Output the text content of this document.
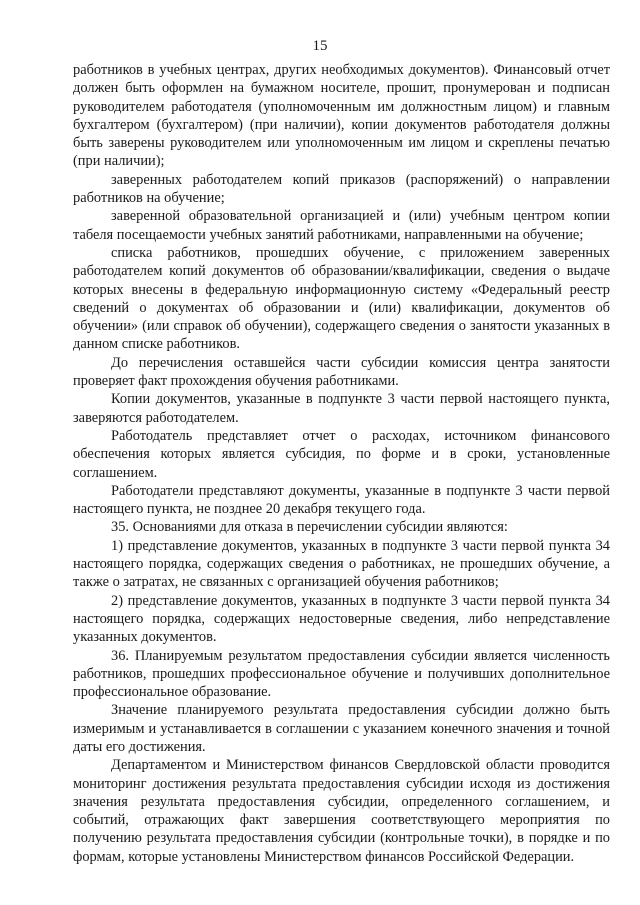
15

работников в учебных центрах, других необходимых документов). Финансовый отчет должен быть оформлен на бумажном носителе, прошит, пронумерован и подписан руководителем работодателя (уполномоченным им должностным лицом) и главным бухгалтером (бухгалтером) (при наличии), копии документов работодателя должны быть заверены руководителем или уполномоченным им лицом и скреплены печатью (при наличии);

заверенных работодателем копий приказов (распоряжений) о направлении работников на обучение;

заверенной образовательной организацией и (или) учебным центром копии табеля посещаемости учебных занятий работниками, направленными на обучение;

списка работников, прошедших обучение, с приложением заверенных работодателем копий документов об образовании/квалификации, сведения о выдаче которых внесены в федеральную информационную систему «Федеральный реестр сведений о документах об образовании и (или) квалификации, документов об обучении» (или справок об обучении), содержащего сведения о занятости указанных в данном списке работников.

До перечисления оставшейся части субсидии комиссия центра занятости проверяет факт прохождения обучения работниками.

Копии документов, указанные в подпункте 3 части первой настоящего пункта, заверяются работодателем.

Работодатель представляет отчет о расходах, источником финансового обеспечения которых является субсидия, по форме и в сроки, установленные соглашением.

Работодатели представляют документы, указанные в подпункте 3 части первой настоящего пункта, не позднее 20 декабря текущего года.

35. Основаниями для отказа в перечислении субсидии являются:

1) представление документов, указанных в подпункте 3 части первой пункта 34 настоящего порядка, содержащих сведения о работниках, не прошедших обучение, а также о затратах, не связанных с организацией обучения работников;

2) представление документов, указанных в подпункте 3 части первой пункта 34 настоящего порядка, содержащих недостоверные сведения, либо непредставление указанных документов.

36. Планируемым результатом предоставления субсидии является численность работников, прошедших профессиональное обучение и получивших дополнительное профессиональное образование.

Значение планируемого результата предоставления субсидии должно быть измеримым и устанавливается в соглашении с указанием конечного значения и точной даты его достижения.

Департаментом и Министерством финансов Свердловской области проводится мониторинг достижения результата предоставления субсидии исходя из достижения значения результата предоставления субсидии, определенного соглашением, и событий, отражающих факт завершения соответствующего мероприятия по получению результата предоставления субсидии (контрольные точки), в порядке и по формам, которые установлены Министерством финансов Российской Федерации.
